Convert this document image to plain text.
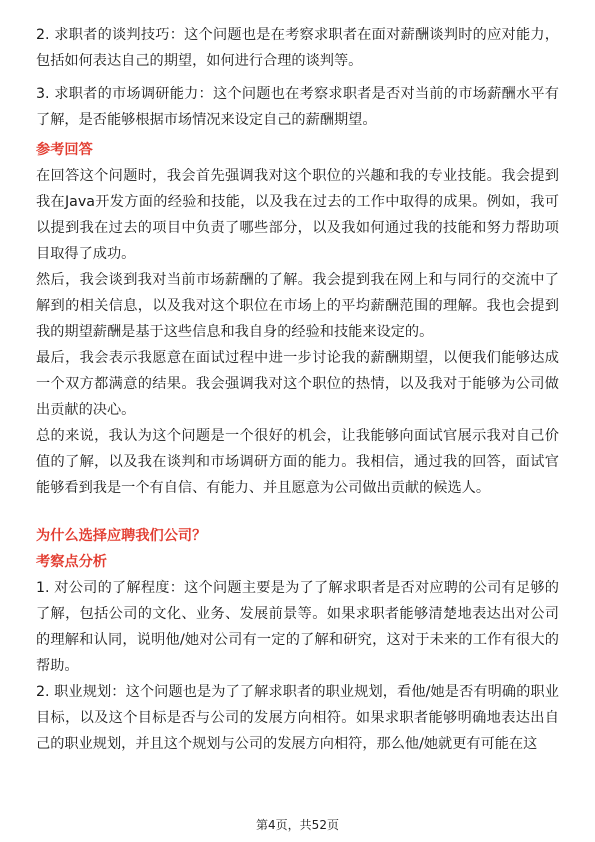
2. 求职者的谈判技巧：这个问题也是在考察求职者在面对薪酬谈判时的应对能力，包括如何表达自己的期望，如何进行合理的谈判等。

3. 求职者的市场调研能力：这个问题也在考察求职者是否对当前的市场薪酬水平有了解，是否能够根据市场情况来设定自己的薪酬期望。

参考回答

在回答这个问题时，我会首先强调我对这个职位的兴趣和我的专业技能。我会提到我在Java开发方面的经验和技能，以及我在过去的工作中取得的成果。例如，我可以提到我在过去的项目中负责了哪些部分，以及我如何通过我的技能和努力帮助项目取得了成功。

然后，我会谈到我对当前市场薪酬的了解。我会提到我在网上和与同行的交流中了解到的相关信息，以及我对这个职位在市场上的平均薪酬范围的理解。我也会提到我的期望薪酬是基于这些信息和我自身的经验和技能来设定的。

最后，我会表示我愿意在面试过程中进一步讨论我的薪酬期望，以便我们能够达成一个双方都满意的结果。我会强调我对这个职位的热情，以及我对于能够为公司做出贡献的决心。

总的来说，我认为这个问题是一个很好的机会，让我能够向面试官展示我对自己价值的了解，以及我在谈判和市场调研方面的能力。我相信，通过我的回答，面试官能够看到我是一个有自信、有能力、并且愿意为公司做出贡献的候选人。

为什么选择应聘我们公司？
考察点分析

1. 对公司的了解程度：这个问题主要是为了了解求职者是否对应聘的公司有足够的了解，包括公司的文化、业务、发展前景等。如果求职者能够清楚地表达出对公司的理解和认同，说明他/她对公司有一定的了解和研究，这对于未来的工作有很大的帮助。

2. 职业规划：这个问题也是为了了解求职者的职业规划，看他/她是否有明确的职业目标，以及这个目标是否与公司的发展方向相符。如果求职者能够明确地表达出自己的职业规划，并且这个规划与公司的发展方向相符，那么他/她就更有可能在这

第4页，共52页
